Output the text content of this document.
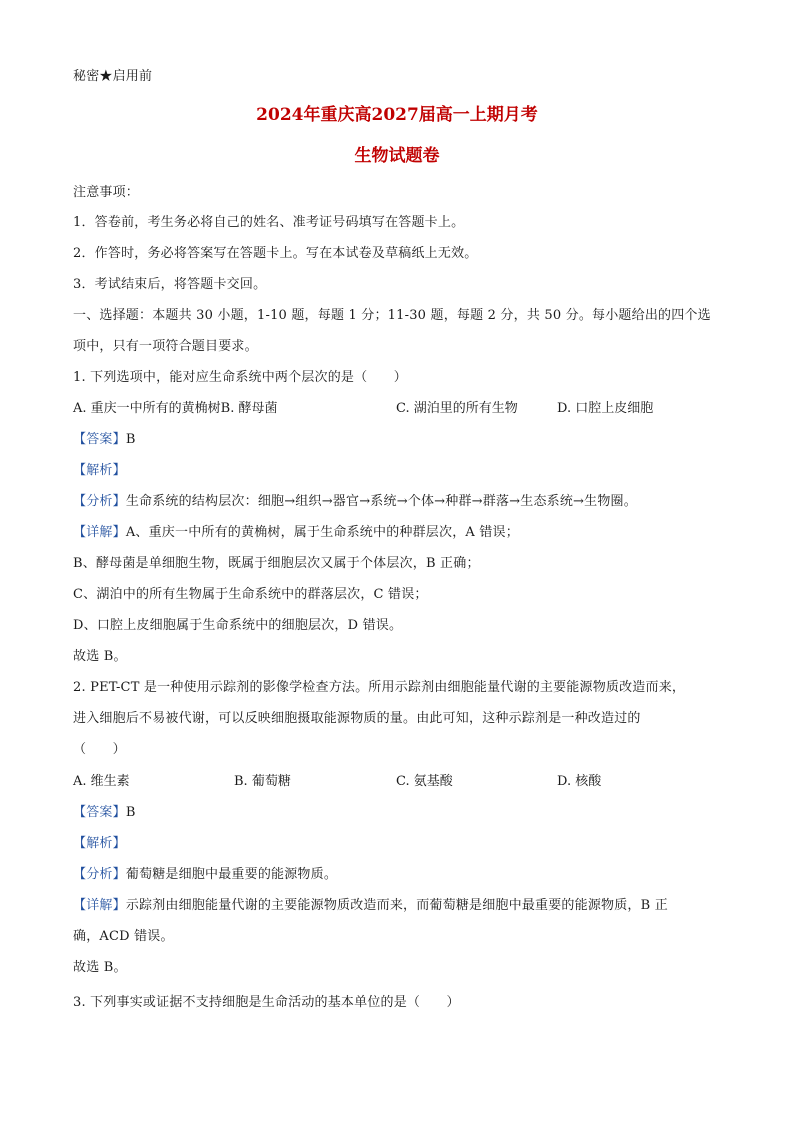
秘密★启用前
2024年重庆高2027届高一上期月考
生物试题卷
注意事项：
1．答卷前，考生务必将自己的姓名、准考证号码填写在答题卡上。
2．作答时，务必将答案写在答题卡上。写在本试卷及草稿纸上无效。
3．考试结束后，将答题卡交回。
一、选择题：本题共 30 小题，1-10 题，每题 1 分；11-30 题，每题 2 分，共 50 分。每小题给出的四个选
项中，只有一项符合题目要求。
1. 下列选项中，能对应生命系统中两个层次的是（　　）
A. 重庆一中所有的黄桷树B. 酵母菌	C. 湖泊里的所有生物	D. 口腔上皮细胞
【答案】B
【解析】
【分析】生命系统的结构层次：细胞→组织→器官→系统→个体→种群→群落→生态系统→生物圈。
【详解】A、重庆一中所有的黄桷树，属于生命系统中的种群层次，A 错误；
B、酵母菌是单细胞生物，既属于细胞层次又属于个体层次，B 正确；
C、湖泊中的所有生物属于生命系统中的群落层次，C 错误；
D、口腔上皮细胞属于生命系统中的细胞层次，D 错误。
故选 B。
2. PET-CT 是一种使用示踪剂的影像学检查方法。所用示踪剂由细胞能量代谢的主要能源物质改造而来，
进入细胞后不易被代谢，可以反映细胞摄取能源物质的量。由此可知，这种示踪剂是一种改造过的
（　　）
A. 维生素	B. 葡萄糖	C. 氨基酸	D. 核酸
【答案】B
【解析】
【分析】葡萄糖是细胞中最重要的能源物质。
【详解】示踪剂由细胞能量代谢的主要能源物质改造而来，而葡萄糖是细胞中最重要的能源物质，B 正
确，ACD 错误。
故选 B。
3. 下列事实或证据不支持细胞是生命活动的基本单位的是（　　）
